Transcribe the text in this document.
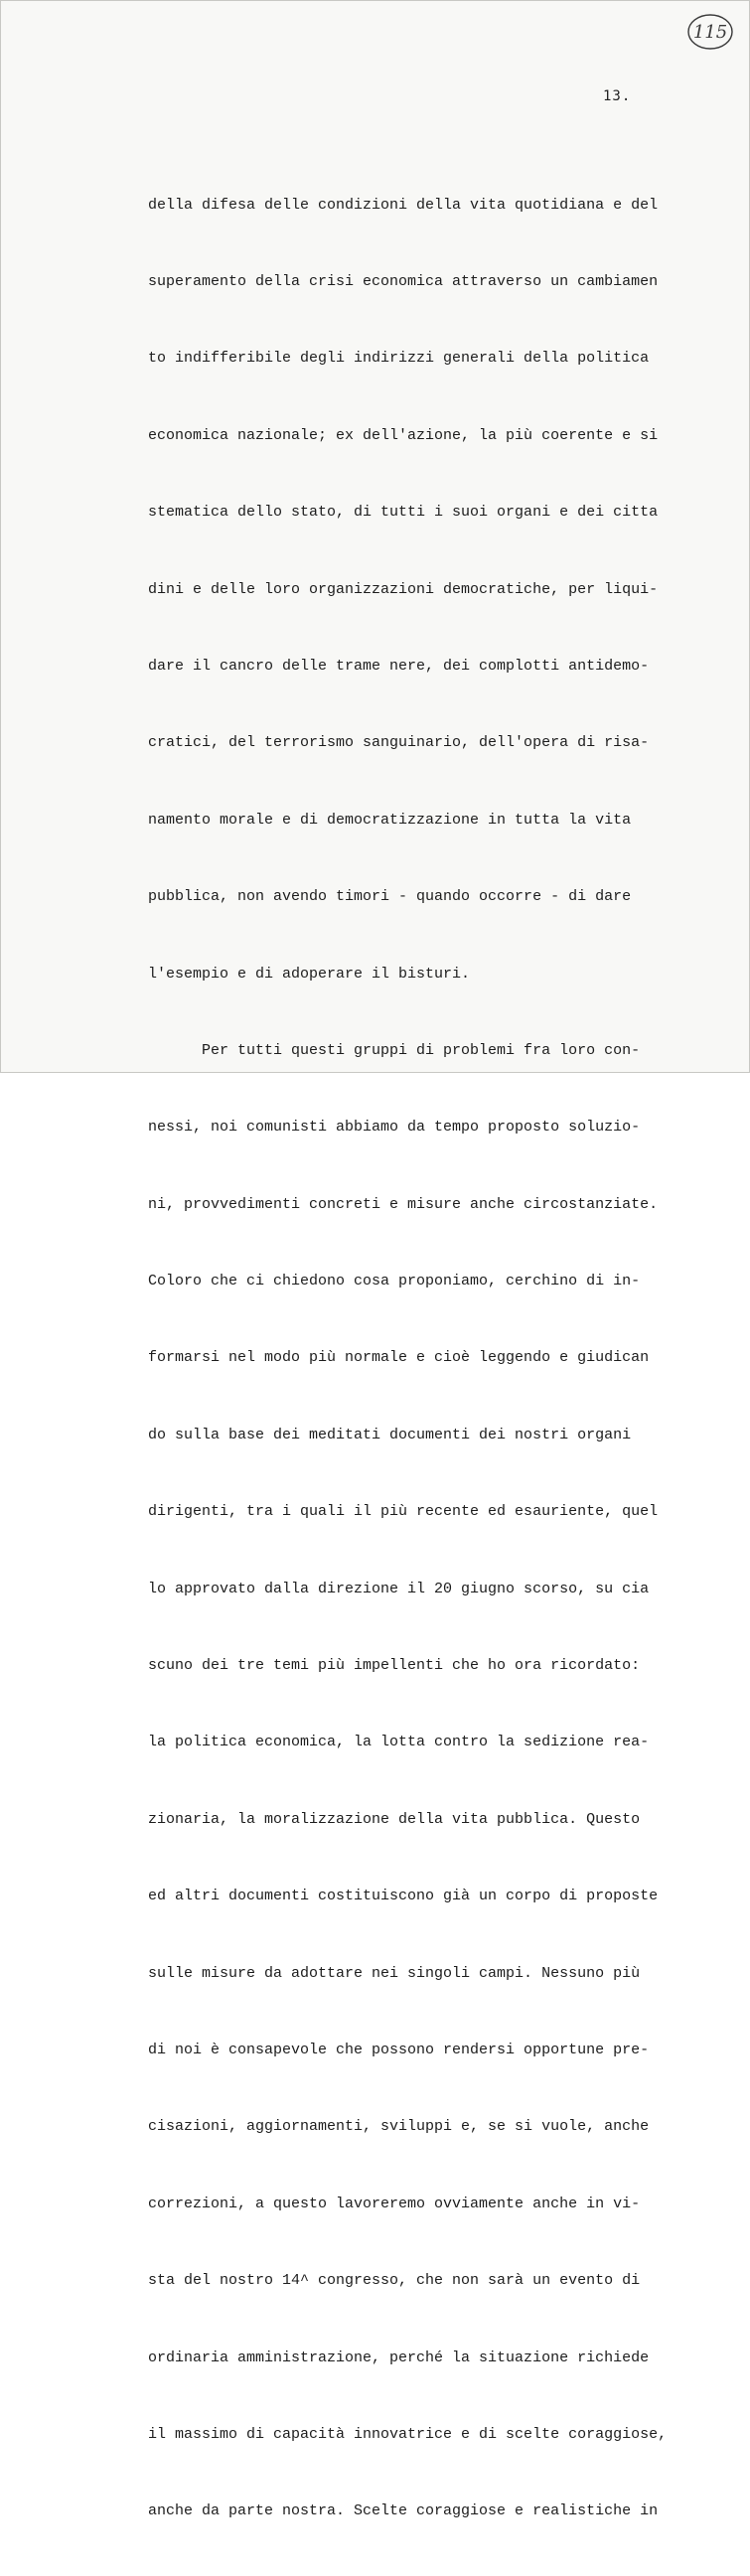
115
13.

della difesa delle condizioni della vita quotidiana e del

superamento della crisi economica attraverso un cambiamen

to indifferibile degli indirizzi generali della politica

economica nazionale; ex dell'azione, la più coerente e si

stematica dello stato, di tutti i suoi organi e dei citta

dini e delle loro organizzazioni democratiche, per liqui-

dare il cancro delle trame nere, dei complotti antidemo-

cratici, del terrorismo sanguinario, dell'opera di risa-

namento morale e di democratizzazione in tutta la vita

pubblica, non avendo timori - quando occorre - di dare

l'esempio e di adoperare il bisturi.

Per tutti questi gruppi di problemi fra loro con-

nessi, noi comunisti abbiamo da tempo proposto soluzio-

ni, provvedimenti concreti e misure anche circostanziate.

Coloro che ci chiedono cosa proponiamo, cerchino di in-

formarsi nel modo più normale e cioè leggendo e giudican

do sulla base dei meditati documenti dei nostri organi

dirigenti, tra i quali il più recente ed esauriente, quel

lo approvato dalla direzione il 20 giugno scorso, su cia

scuno dei tre temi più impellenti che ho ora ricordato:

la politica economica, la lotta contro la sedizione rea-

zionaria, la moralizzazione della vita pubblica. Questo

ed altri documenti costituiscono già un corpo di proposte

sulle misure da adottare nei singoli campi. Nessuno più

di noi è consapevole che possono rendersi opportune pre-

cisazioni, aggiornamenti, sviluppi e, se si vuole, anche

correzioni, a questo lavoreremo ovviamente anche in vi-

sta del nostro 14^ congresso, che non sarà un evento di

ordinaria amministrazione, perché la situazione richiede

il massimo di capacità innovatrice e di scelte coraggiose,

anche da parte nostra. Scelte coraggiose e realistiche in
